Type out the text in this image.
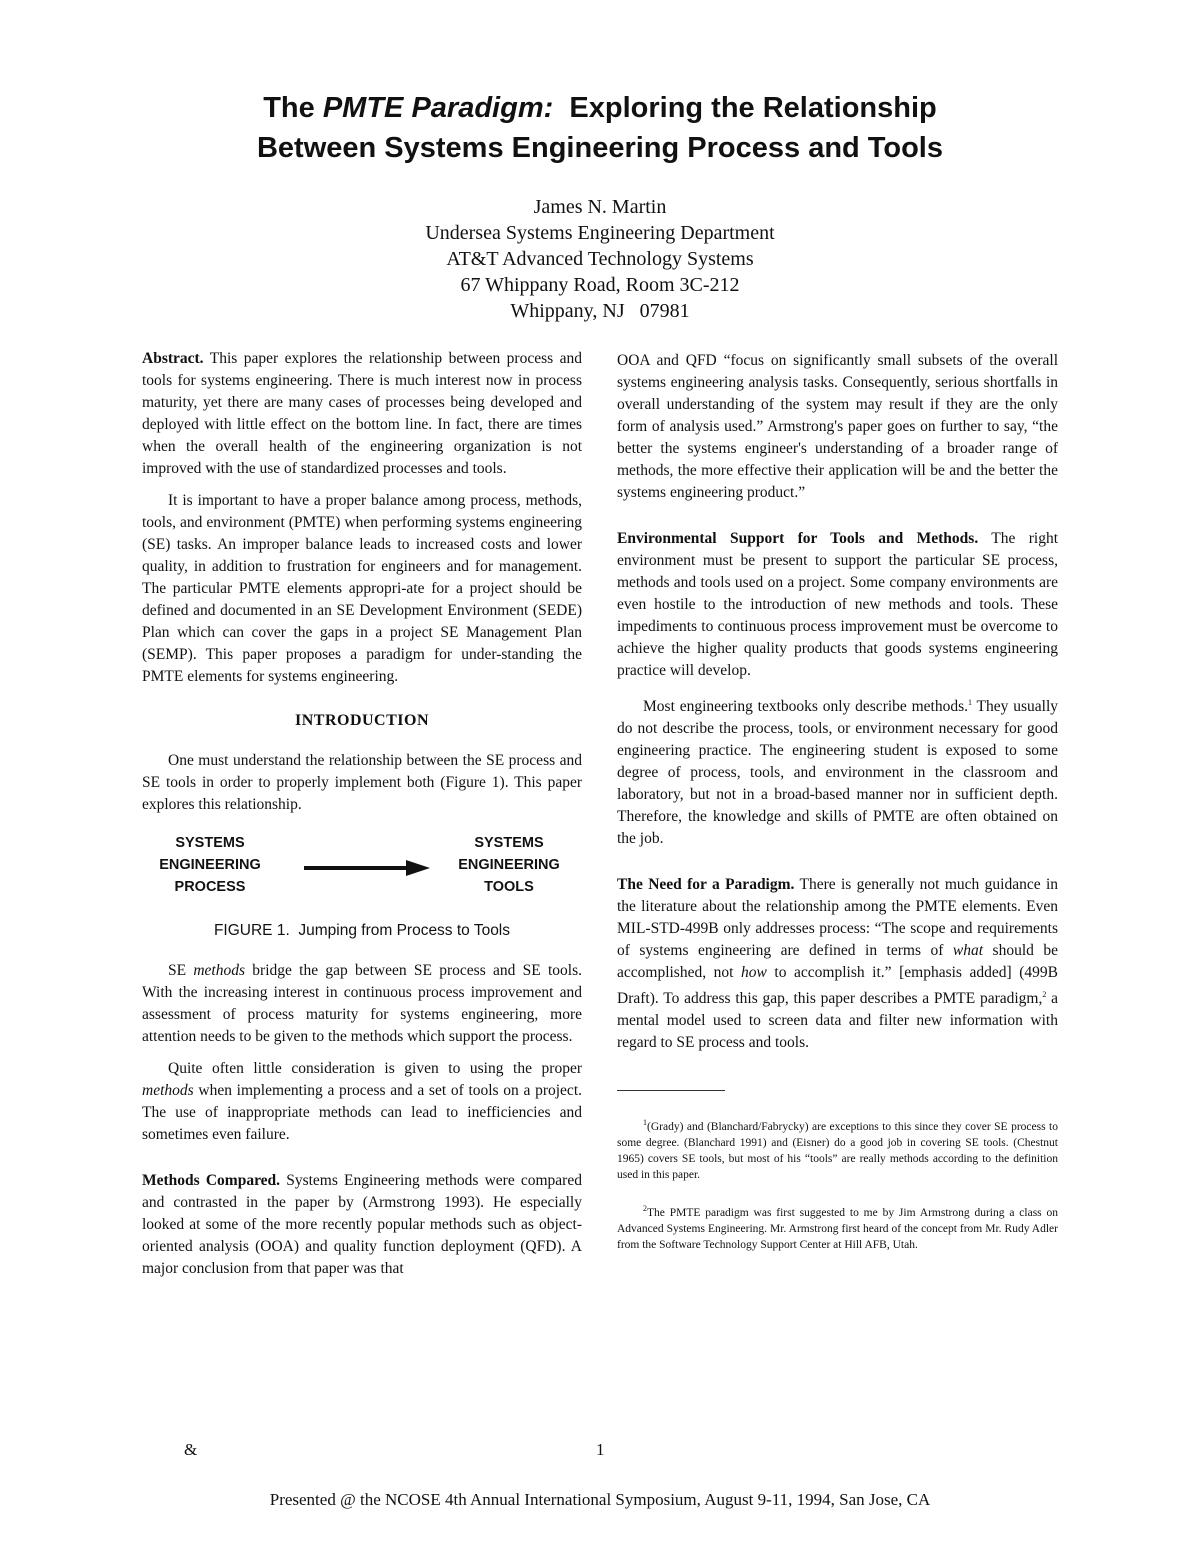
The PMTE Paradigm:  Exploring the Relationship
Between Systems Engineering Process and Tools
James N. Martin
Undersea Systems Engineering Department
AT&T Advanced Technology Systems
67 Whippany Road, Room 3C-212
Whippany, NJ   07981

Abstract. This paper explores the relationship between process and tools for systems engineering. There is much interest now in process maturity, yet there are many cases of processes being developed and deployed with little effect on the bottom line. In fact, there are times when the overall health of the engineering organization is not improved with the use of standardized processes and tools.

It is important to have a proper balance among process, methods, tools, and environment (PMTE) when performing systems engineering (SE) tasks. An improper balance leads to increased costs and lower quality, in addition to frustration for engineers and for management. The particular PMTE elements appropri-ate for a project should be defined and documented in an SE Development Environment (SEDE) Plan which can cover the gaps in a project SE Management Plan (SEMP). This paper proposes a paradigm for under-standing the PMTE elements for systems engineering.

INTRODUCTION

One must understand the relationship between the SE process and SE tools in order to properly implement both (Figure 1). This paper explores this relationship.

SYSTEMS
ENGINEERING
PROCESS
SYSTEMS
ENGINEERING
TOOLS
FIGURE 1.  Jumping from Process to Tools

SE methods bridge the gap between SE process and SE tools. With the increasing interest in continuous process improvement and assessment of process maturity for systems engineering, more attention needs to be given to the methods which support the process.

Quite often little consideration is given to using the proper methods when implementing a process and a set of tools on a project. The use of inappropriate methods can lead to inefficiencies and sometimes even failure.

Methods Compared. Systems Engineering methods were compared and contrasted in the paper by (Armstrong 1993). He especially looked at some of the more recently popular methods such as object-oriented analysis (OOA) and quality function deployment (QFD). A major conclusion from that paper was that

OOA and QFD “focus on significantly small subsets of the overall systems engineering analysis tasks. Consequently, serious shortfalls in overall understanding of the system may result if they are the only form of analysis used.” Armstrong's paper goes on further to say, “the better the systems engineer's understanding of a broader range of methods, the more effective their application will be and the better the systems engineering product.”

Environmental Support for Tools and Methods. The right environment must be present to support the particular SE process, methods and tools used on a project. Some company environments are even hostile to the introduction of new methods and tools. These impediments to continuous process improvement must be overcome to achieve the higher quality products that goods systems engineering practice will develop.

Most engineering textbooks only describe methods.$^1$ They usually do not describe the process, tools, or environment necessary for good engineering practice. The engineering student is exposed to some degree of process, tools, and environment in the classroom and laboratory, but not in a broad-based manner nor in sufficient depth. Therefore, the knowledge and skills of PMTE are often obtained on the job.

The Need for a Paradigm. There is generally not much guidance in the literature about the relationship among the PMTE elements. Even MIL-STD-499B only addresses process: “The scope and requirements of systems engineering are defined in terms of what should be accomplished, not how to accomplish it.” [emphasis added] (499B Draft). To address this gap, this paper describes a PMTE paradigm,$^2$ a mental model used to screen data and filter new information with regard to SE process and tools.

$^1$(Grady) and (Blanchard/Fabrycky) are exceptions to this since they cover SE process to some degree. (Blanchard 1991) and (Eisner) do a good job in covering SE tools. (Chestnut 1965) covers SE tools, but most of his “tools” are really methods according to the definition used in this paper.

$^2$The PMTE paradigm was first suggested to me by Jim Armstrong during a class on Advanced Systems Engineering. Mr. Armstrong first heard of the concept from Mr. Rudy Adler from the Software Technology Support Center at Hill AFB, Utah.

&	1
Presented @ the NCOSE 4th Annual International Symposium, August 9-11, 1994, San Jose, CA
